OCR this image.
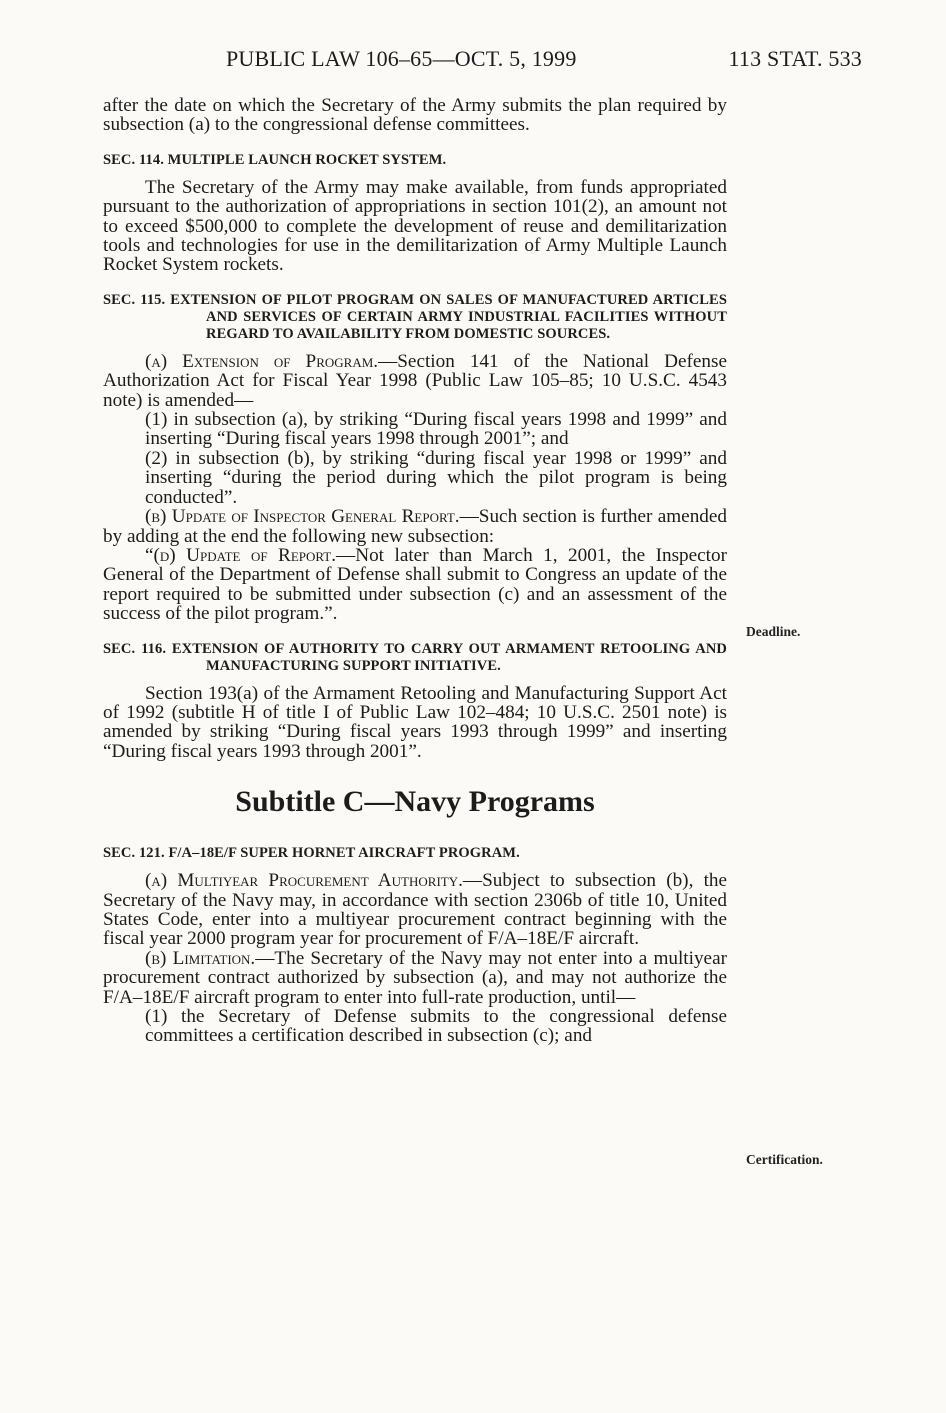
PUBLIC LAW 106–65—OCT. 5, 1999	113 STAT. 533

after the date on which the Secretary of the Army submits the plan required by subsection (a) to the congressional defense committees.

SEC. 114. MULTIPLE LAUNCH ROCKET SYSTEM.

The Secretary of the Army may make available, from funds appropriated pursuant to the authorization of appropriations in section 101(2), an amount not to exceed $500,000 to complete the development of reuse and demilitarization tools and technologies for use in the demilitarization of Army Multiple Launch Rocket System rockets.

SEC. 115. EXTENSION OF PILOT PROGRAM ON SALES OF MANUFACTURED ARTICLES AND SERVICES OF CERTAIN ARMY INDUSTRIAL FACILITIES WITHOUT REGARD TO AVAILABILITY FROM DOMESTIC SOURCES.

(a) Extension of Program.—Section 141 of the National Defense Authorization Act for Fiscal Year 1998 (Public Law 105–85; 10 U.S.C. 4543 note) is amended—

(1) in subsection (a), by striking “During fiscal years 1998 and 1999” and inserting “During fiscal years 1998 through 2001”; and

(2) in subsection (b), by striking “during fiscal year 1998 or 1999” and inserting “during the period during which the pilot program is being conducted”.

(b) Update of Inspector General Report.—Such section is further amended by adding at the end the following new subsection:

“(d) Update of Report.—Not later than March 1, 2001, the Inspector General of the Department of Defense shall submit to Congress an update of the report required to be submitted under subsection (c) and an assessment of the success of the pilot program.”.

SEC. 116. EXTENSION OF AUTHORITY TO CARRY OUT ARMAMENT RETOOLING AND MANUFACTURING SUPPORT INITIATIVE.

Section 193(a) of the Armament Retooling and Manufacturing Support Act of 1992 (subtitle H of title I of Public Law 102–484; 10 U.S.C. 2501 note) is amended by striking “During fiscal years 1993 through 1999” and inserting “During fiscal years 1993 through 2001”.

Subtitle C—Navy Programs

SEC. 121. F/A–18E/F SUPER HORNET AIRCRAFT PROGRAM.

(a) Multiyear Procurement Authority.—Subject to subsection (b), the Secretary of the Navy may, in accordance with section 2306b of title 10, United States Code, enter into a multiyear procurement contract beginning with the fiscal year 2000 program year for procurement of F/A–18E/F aircraft.

(b) Limitation.—The Secretary of the Navy may not enter into a multiyear procurement contract authorized by subsection (a), and may not authorize the F/A–18E/F aircraft program to enter into full-rate production, until—

(1) the Secretary of Defense submits to the congressional defense committees a certification described in subsection (c); and

Deadline.
Certification.
